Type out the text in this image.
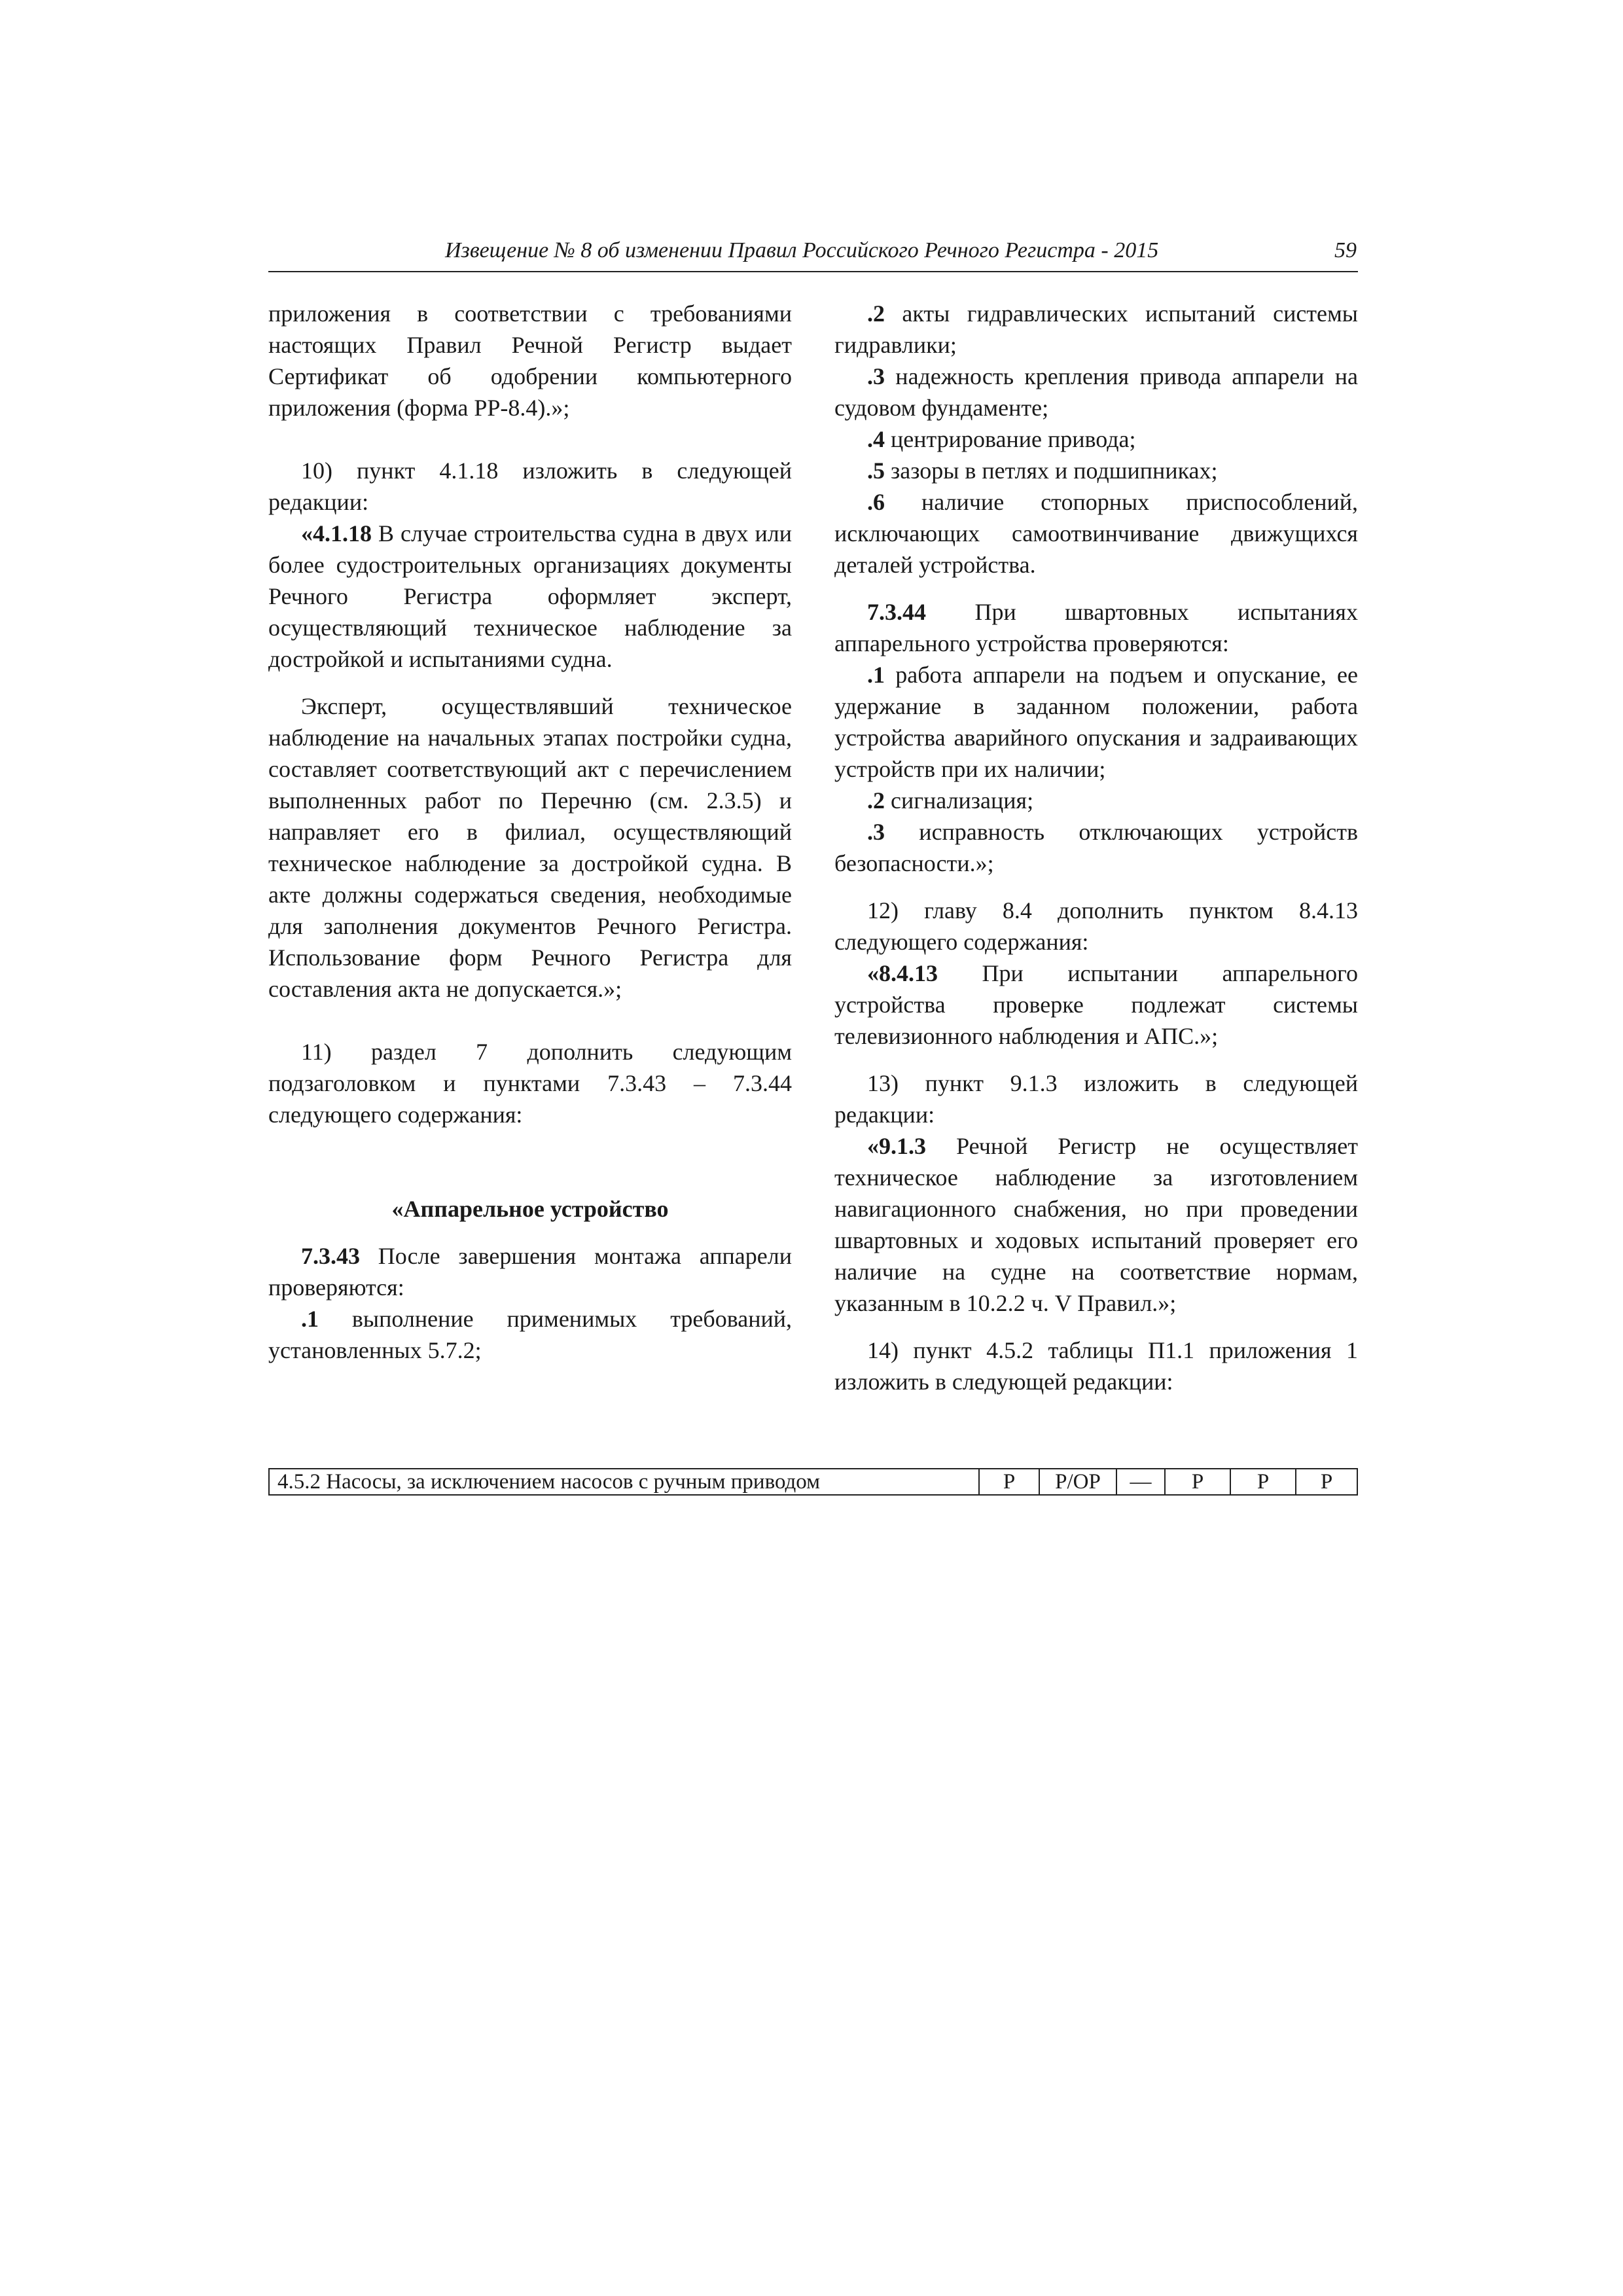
Извещение № 8 об изменении Правил Российского Речного Регистра - 2015	59

приложения в соответствии с требованиями настоящих Правил Речной Регистр выдает Сертификат об одобрении компьютерного приложения (форма РР-8.4).»;

10) пункт 4.1.18 изложить в следующей редакции:

«4.1.18 В случае строительства судна в двух или более судостроительных организациях документы Речного Регистра оформляет эксперт, осуществляющий техническое наблюдение за достройкой и испытаниями судна.

Эксперт, осуществлявший техническое наблюдение на начальных этапах постройки судна, составляет соответствующий акт с перечислением выполненных работ по Перечню (см. 2.3.5) и направляет его в филиал, осуществляющий техническое наблюдение за достройкой судна. В акте должны содержаться сведения, необходимые для заполнения документов Речного Регистра. Использование форм Речного Регистра для составления акта не допускается.»;

11) раздел 7 дополнить следующим подзаголовком и пунктами 7.3.43 – 7.3.44 следующего содержания:

«Аппарельное устройство

7.3.43 После завершения монтажа аппарели проверяются:

.1 выполнение применимых требований, установленных 5.7.2;

.2 акты гидравлических испытаний системы гидравлики;

.3 надежность крепления привода аппарели на судовом фундаменте;

.4 центрирование привода;

.5 зазоры в петлях и подшипниках;

.6 наличие стопорных приспособлений, исключающих самоотвинчивание движущихся деталей устройства.

7.3.44 При швартовных испытаниях аппарельного устройства проверяются:

.1 работа аппарели на подъем и опускание, ее удержание в заданном положении, работа устройства аварийного опускания и задраивающих устройств при их наличии;

.2 сигнализация;

.3 исправность отключающих устройств безопасности.»;

12) главу 8.4 дополнить пунктом 8.4.13 следующего содержания:

«8.4.13 При испытании аппарельного устройства проверке подлежат системы телевизионного наблюдения и АПС.»;

13) пункт 9.1.3 изложить в следующей редакции:

«9.1.3 Речной Регистр не осуществляет техническое наблюдение за изготовлением навигационного снабжения, но при проведении швартовных и ходовых испытаний проверяет его наличие на судне на соответствие нормам, указанным в 10.2.2 ч. V Правил.»;

14) пункт 4.5.2 таблицы П1.1 приложения 1 изложить в следующей редакции:

4.5.2 Насосы, за исключением насосов с ручным приводом	Р	Р/ОР	—	Р	Р	Р
